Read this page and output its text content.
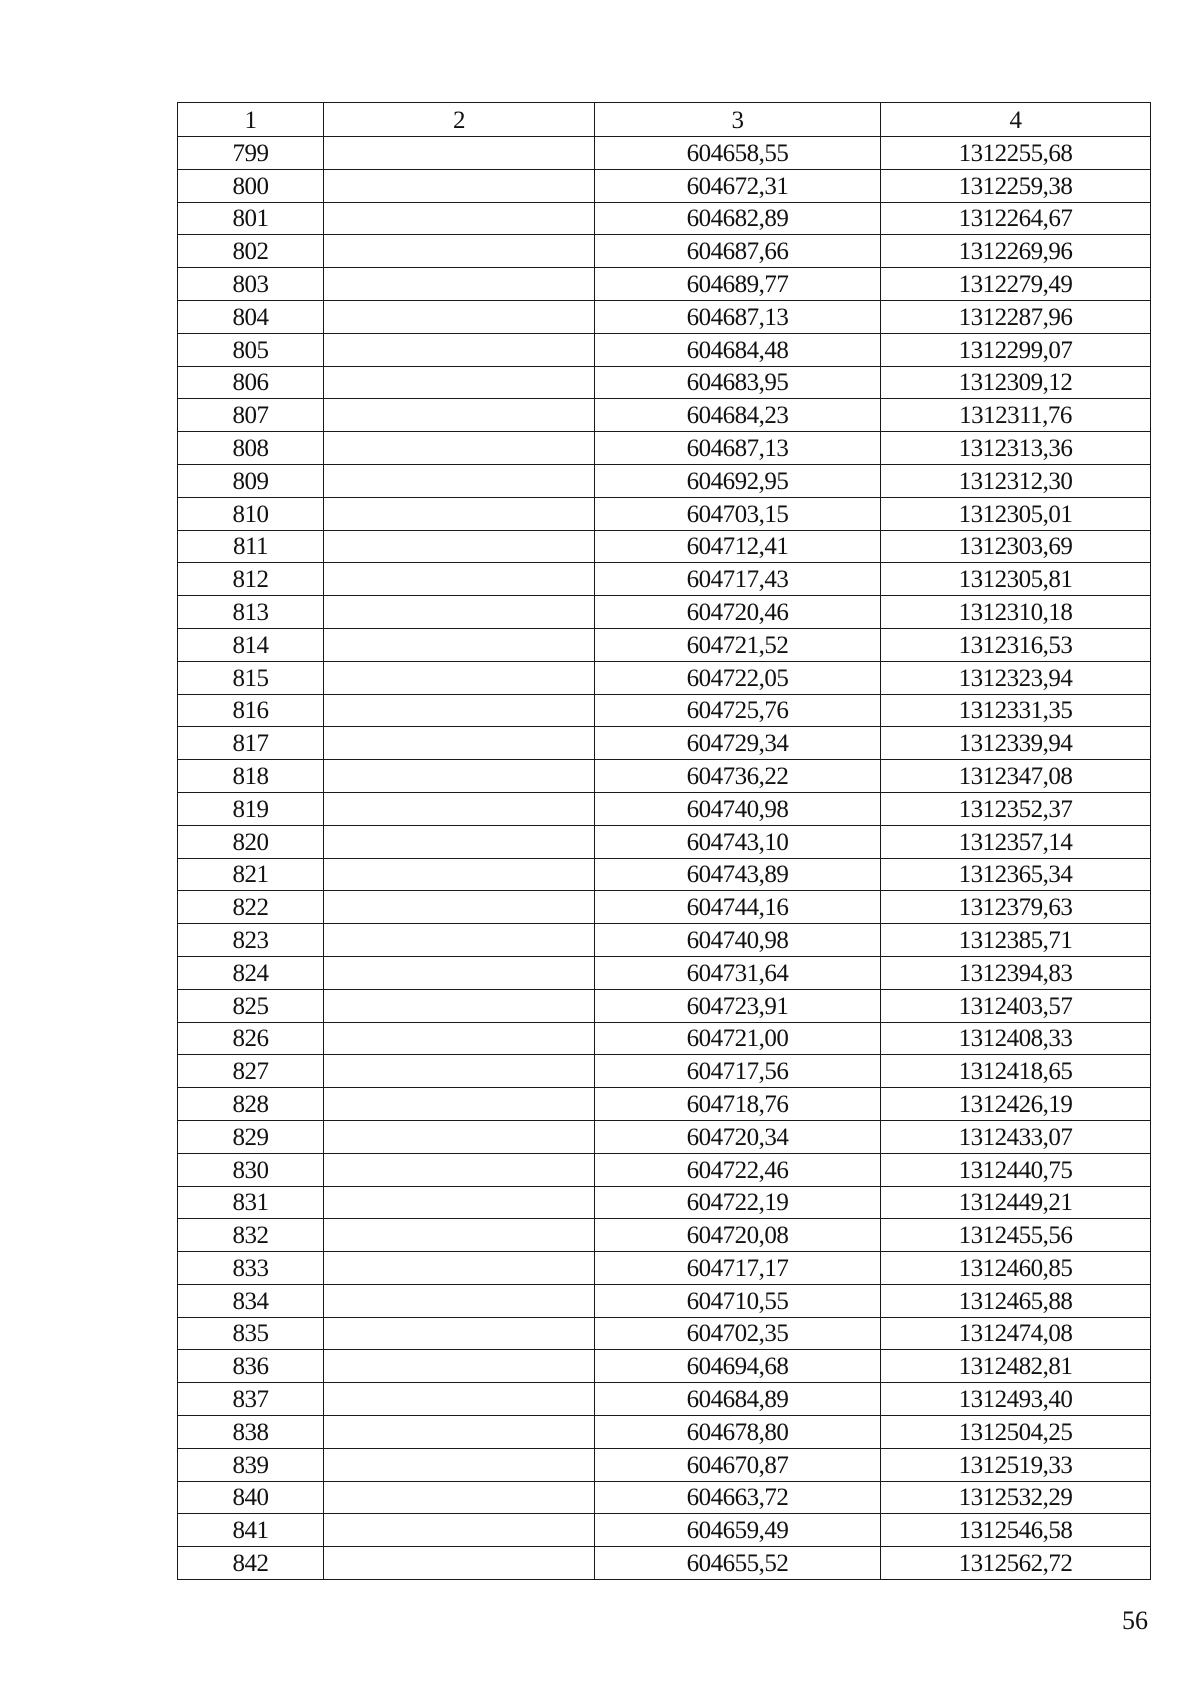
1	2	3	4
799		604658,55	1312255,68
800		604672,31	1312259,38
801		604682,89	1312264,67
802		604687,66	1312269,96
803		604689,77	1312279,49
804		604687,13	1312287,96
805		604684,48	1312299,07
806		604683,95	1312309,12
807		604684,23	1312311,76
808		604687,13	1312313,36
809		604692,95	1312312,30
810		604703,15	1312305,01
811		604712,41	1312303,69
812		604717,43	1312305,81
813		604720,46	1312310,18
814		604721,52	1312316,53
815		604722,05	1312323,94
816		604725,76	1312331,35
817		604729,34	1312339,94
818		604736,22	1312347,08
819		604740,98	1312352,37
820		604743,10	1312357,14
821		604743,89	1312365,34
822		604744,16	1312379,63
823		604740,98	1312385,71
824		604731,64	1312394,83
825		604723,91	1312403,57
826		604721,00	1312408,33
827		604717,56	1312418,65
828		604718,76	1312426,19
829		604720,34	1312433,07
830		604722,46	1312440,75
831		604722,19	1312449,21
832		604720,08	1312455,56
833		604717,17	1312460,85
834		604710,55	1312465,88
835		604702,35	1312474,08
836		604694,68	1312482,81
837		604684,89	1312493,40
838		604678,80	1312504,25
839		604670,87	1312519,33
840		604663,72	1312532,29
841		604659,49	1312546,58
842		604655,52	1312562,72
56
